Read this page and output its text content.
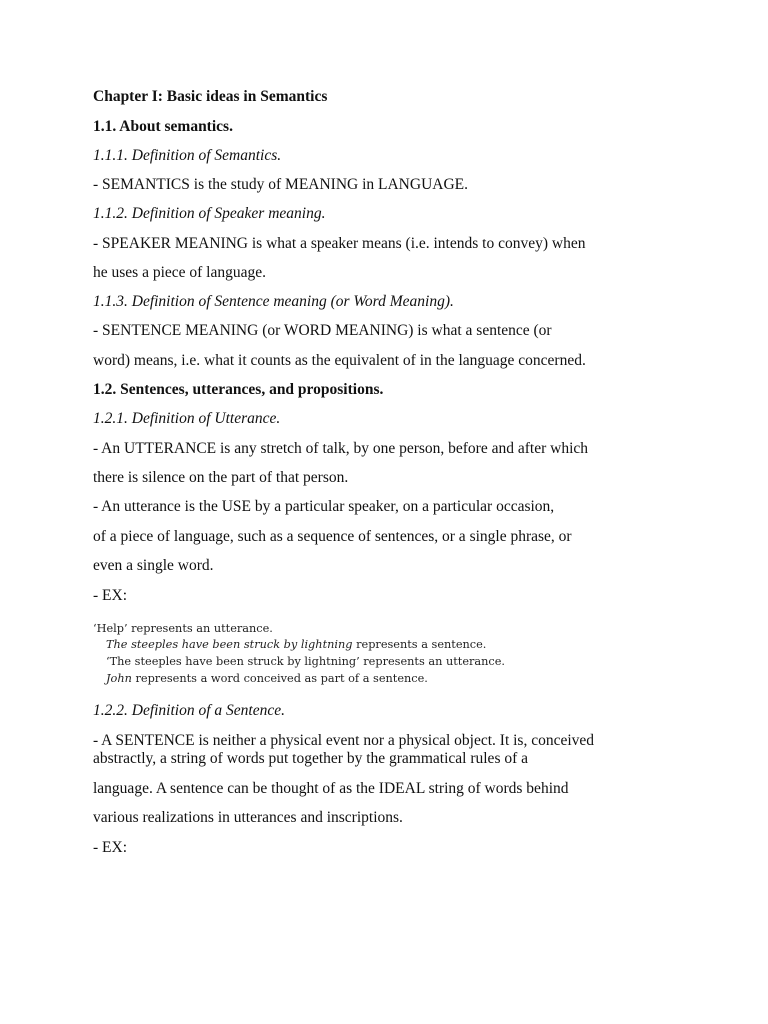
Chapter I: Basic ideas in Semantics
1.1. About semantics.
1.1.1. Definition of Semantics.
- SEMANTICS is the study of MEANING in LANGUAGE.
1.1.2. Definition of Speaker meaning.
- SPEAKER MEANING is what a speaker means (i.e. intends to convey) when
he uses a piece of language.
1.1.3. Definition of Sentence meaning (or Word Meaning).
- SENTENCE MEANING (or WORD MEANING) is what a sentence (or
word) means, i.e. what it counts as the equivalent of in the language concerned.
1.2. Sentences, utterances, and propositions.
1.2.1. Definition of Utterance.
- An UTTERANCE is any stretch of talk, by one person, before and after which
there is silence on the part of that person.
- An utterance is the USE by a particular speaker, on a particular occasion,
of a piece of language, such as a sequence of sentences, or a single phrase, or
even a single word.
- EX:
‘Help’ represents an utterance.
The steeples have been struck by lightning represents a sentence.
‘The steeples have been struck by lightning’ represents an utterance.
John represents a word conceived as part of a sentence.
1.2.2. Definition of a Sentence.
- A SENTENCE is neither a physical event nor a physical object. It is, conceived
abstractly, a string of words put together by the grammatical rules of a
language. A sentence can be thought of as the IDEAL string of words behind
various realizations in utterances and inscriptions.
- EX:
